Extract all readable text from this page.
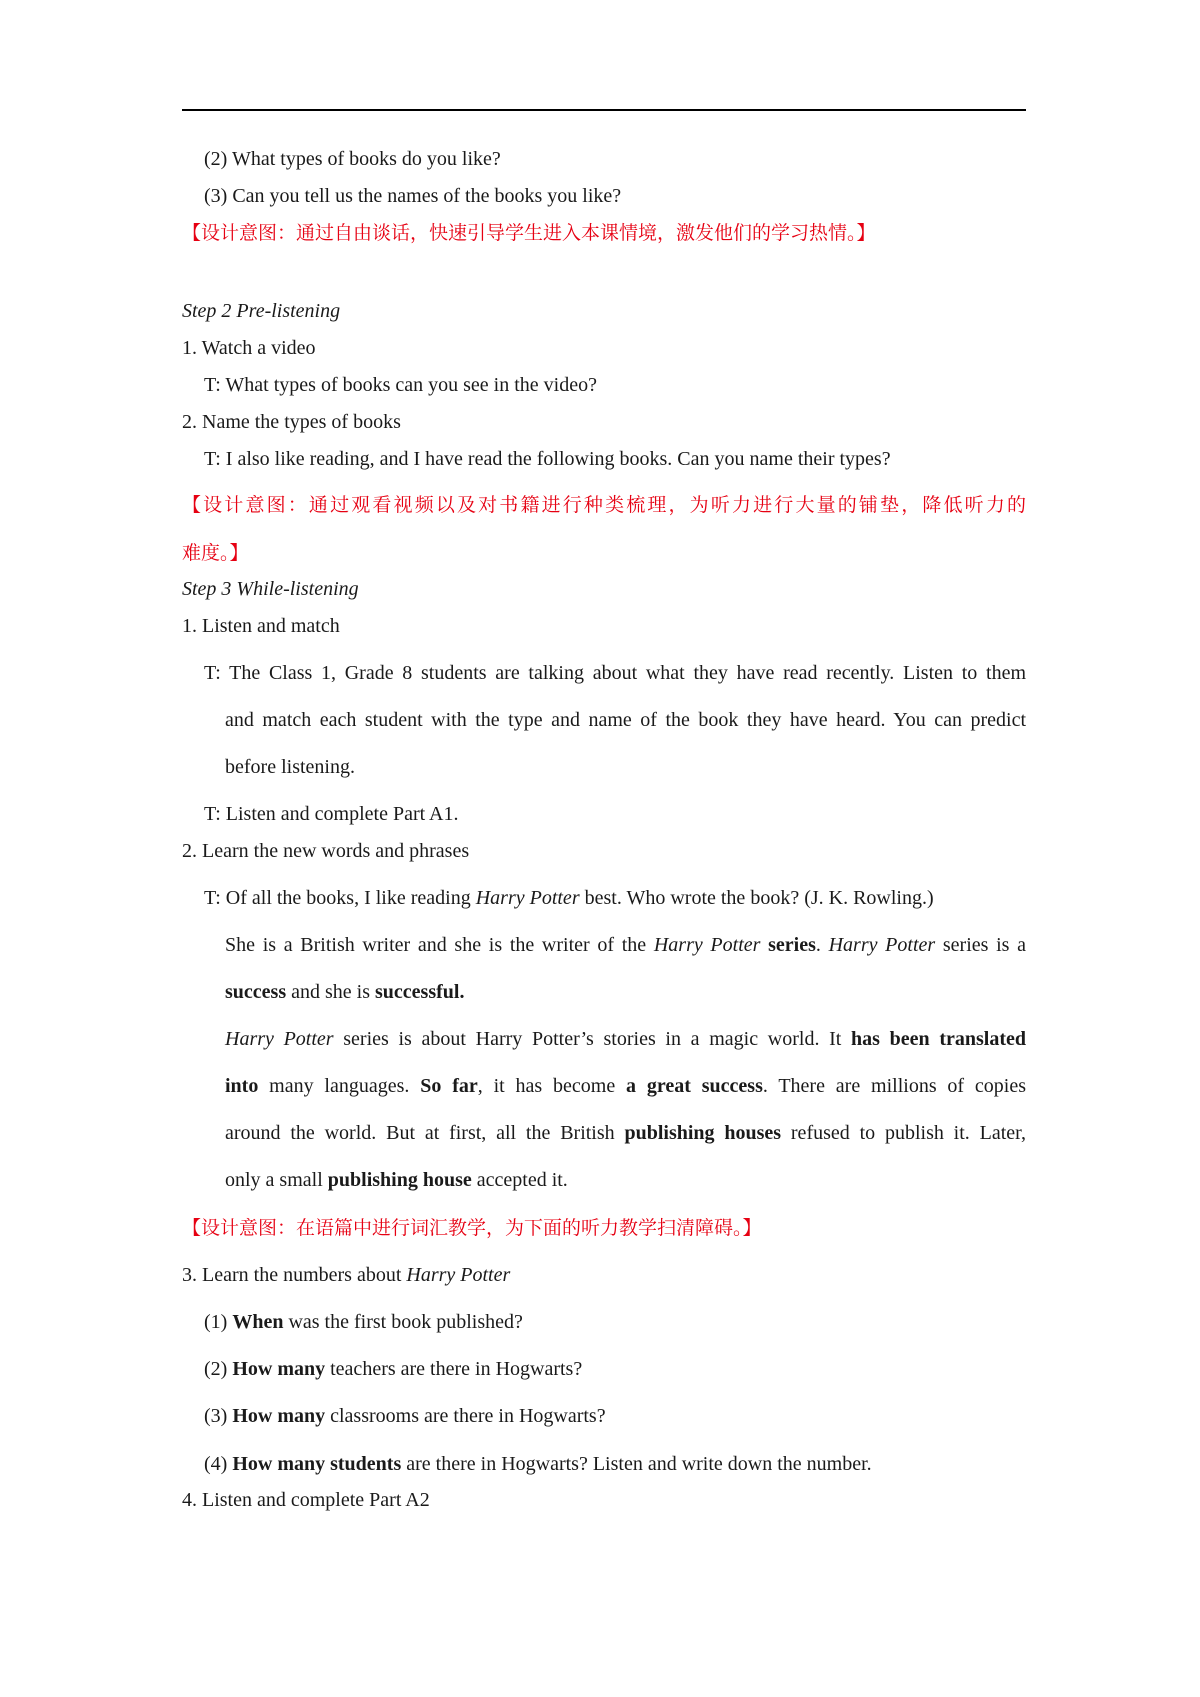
(2) What types of books do you like?
(3) Can you tell us the names of the books you like?
【设计意图：通过自由谈话，快速引导学生进入本课情境，激发他们的学习热情。】
Step 2 Pre-listening
1. Watch a video
T: What types of books can you see in the video?
2. Name the types of books
T: I also like reading, and I have read the following books. Can you name their types?
【设计意图：通过观看视频以及对书籍进行种类梳理，为听力进行大量的铺垫，降低听力的
难度。】
Step 3 While-listening
1. Listen and match
T: The Class 1, Grade 8 students are talking about what they have read recently. Listen to them
and match each student with the type and name of the book they have heard. You can predict
before listening.
T: Listen and complete Part A1.
2. Learn the new words and phrases
T: Of all the books, I like reading Harry Potter best. Who wrote the book? (J. K. Rowling.)
She is a British writer and she is the writer of the Harry Potter series. Harry Potter series is a
success and she is successful.
Harry Potter series is about Harry Potter’s stories in a magic world. It has been translated
into many languages. So far, it has become a great success. There are millions of copies
around the world. But at first, all the British publishing houses refused to publish it. Later,
only a small publishing house accepted it.
【设计意图：在语篇中进行词汇教学，为下面的听力教学扫清障碍。】
3. Learn the numbers about Harry Potter
(1) When was the first book published?
(2) How many teachers are there in Hogwarts?
(3) How many classrooms are there in Hogwarts?
(4) How many students are there in Hogwarts? Listen and write down the number.
4. Listen and complete Part A2
